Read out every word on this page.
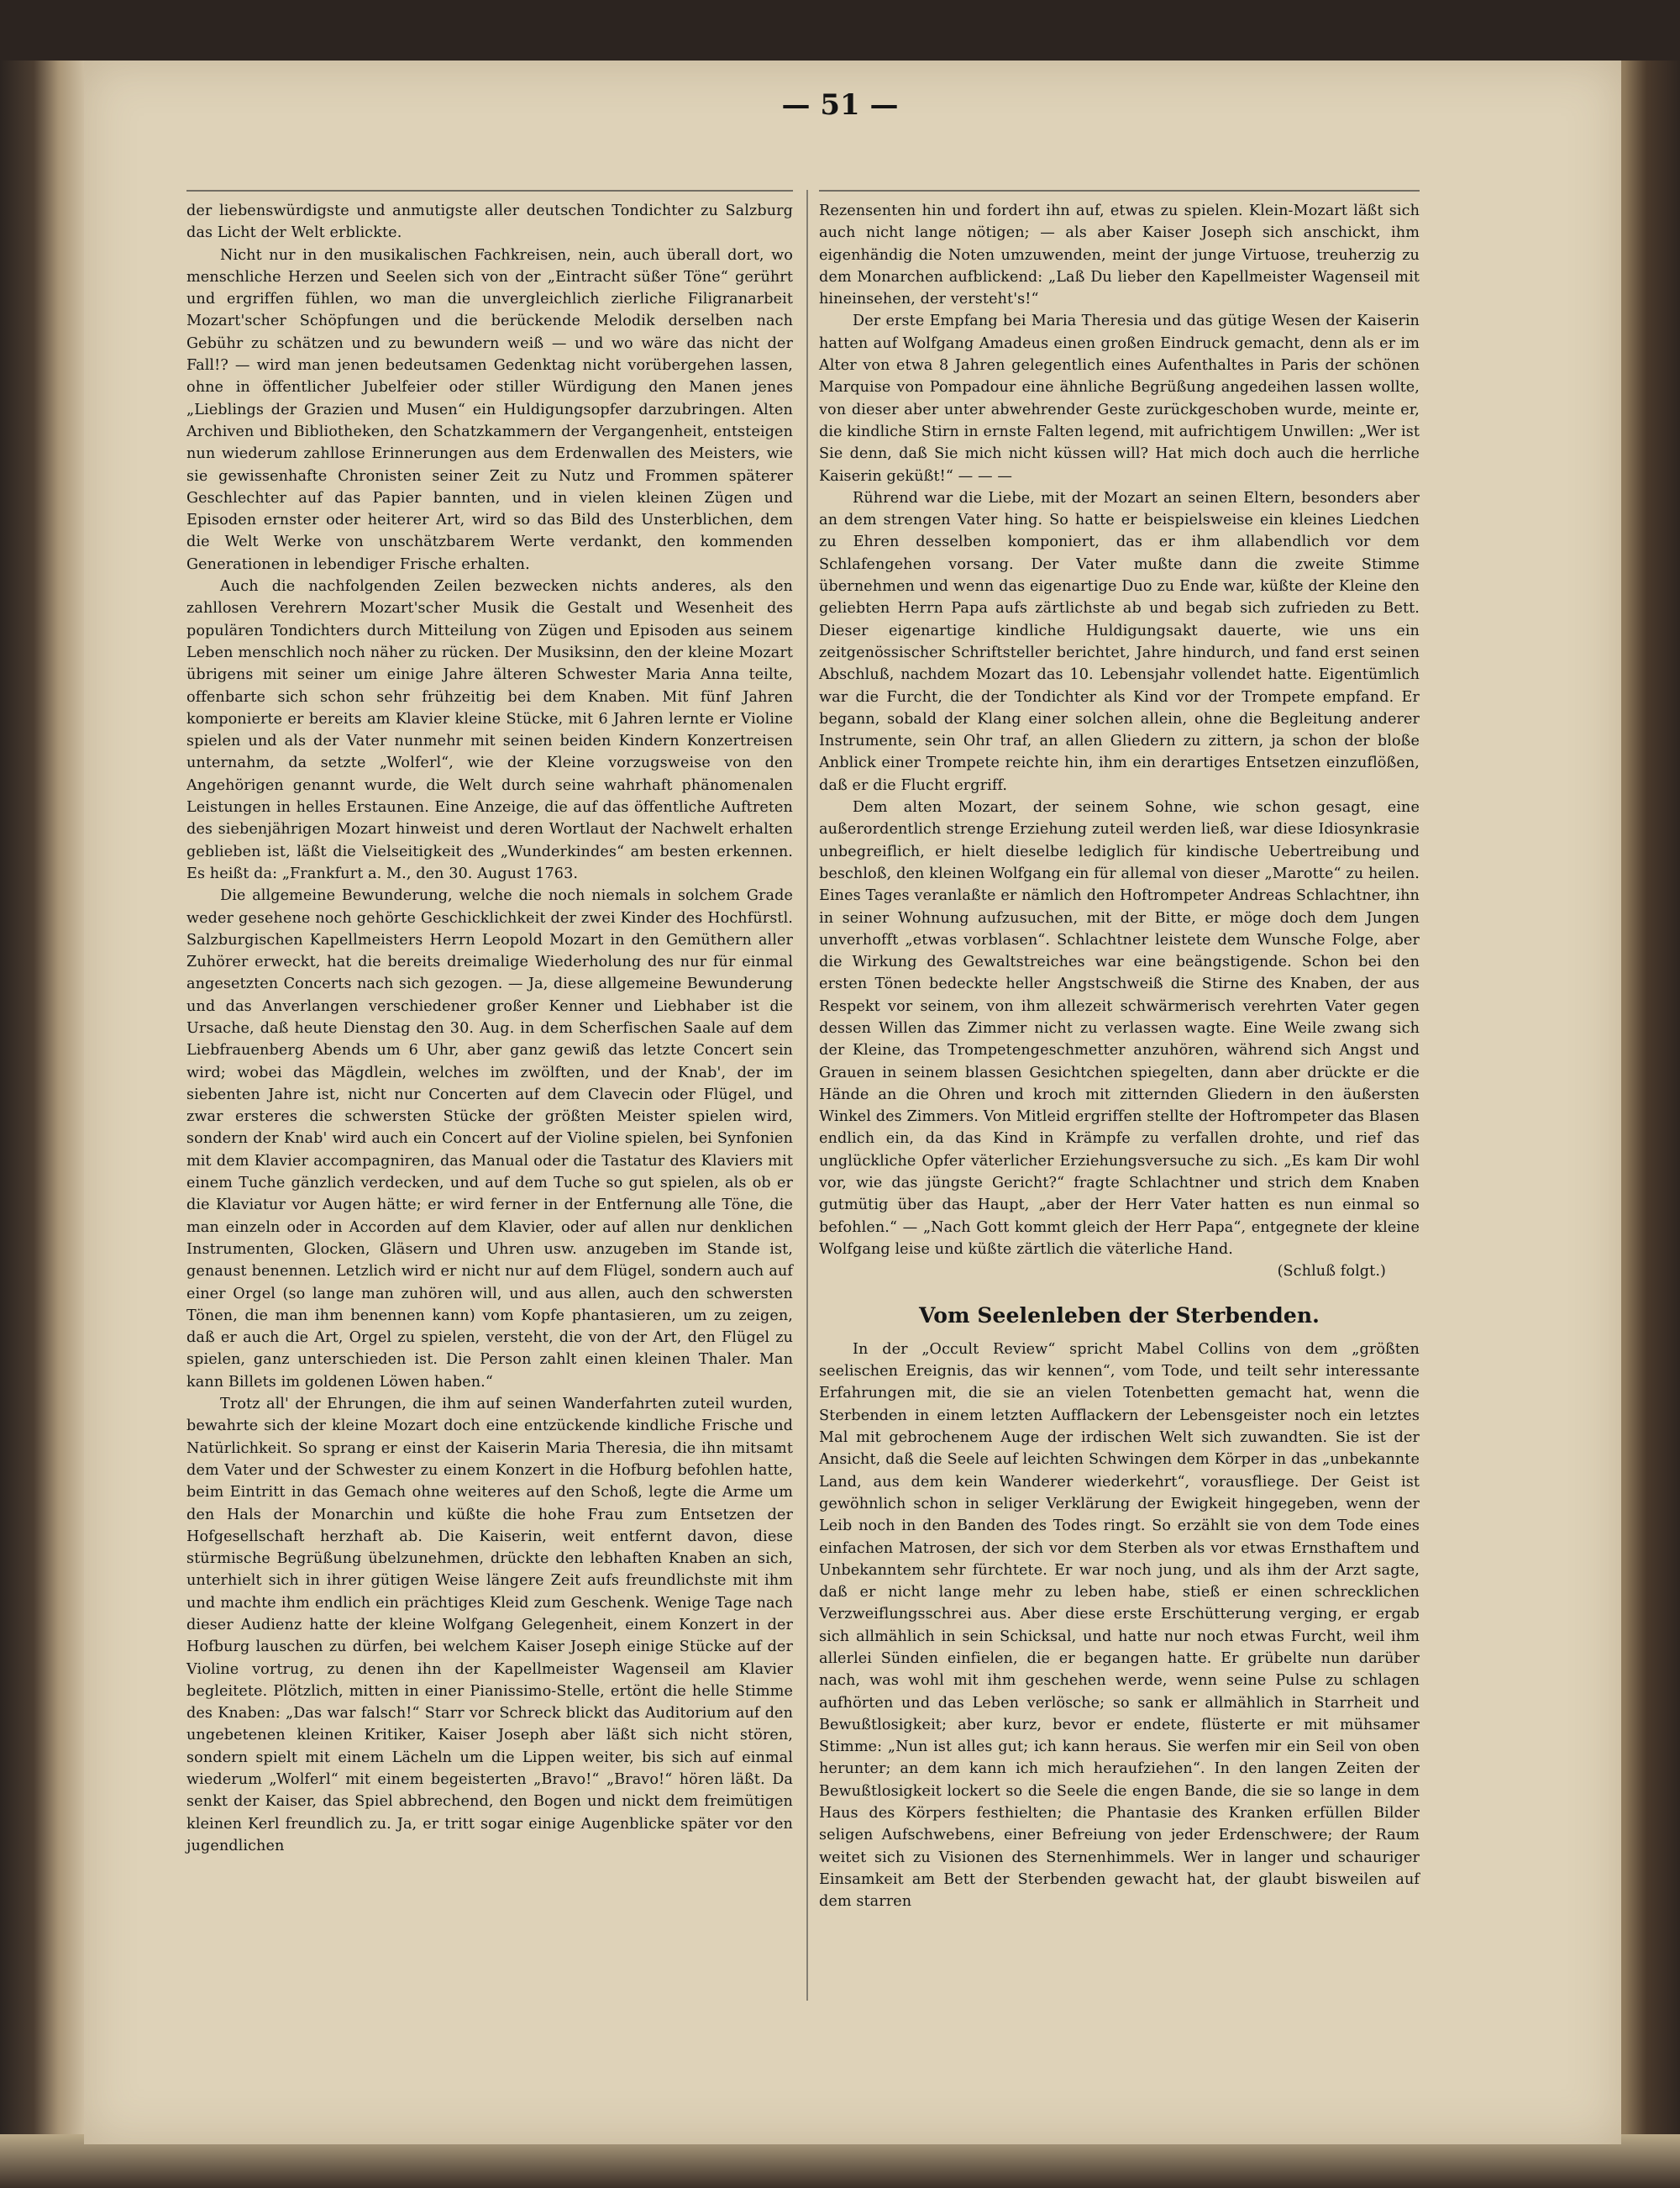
— 51 —

der liebenswürdigste und anmutigste aller deutschen Tondichter zu Salzburg das Licht der Welt erblickte.

Nicht nur in den musikalischen Fachkreisen, nein, auch überall dort, wo menschliche Herzen und Seelen sich von der „Eintracht süßer Töne“ gerührt und ergriffen fühlen, wo man die unvergleichlich zierliche Filigranarbeit Mozart'scher Schöpfungen und die berückende Melodik derselben nach Gebühr zu schätzen und zu bewundern weiß — und wo wäre das nicht der Fall!? — wird man jenen bedeutsamen Gedenktag nicht vorübergehen lassen, ohne in öffentlicher Jubelfeier oder stiller Würdigung den Manen jenes „Lieblings der Grazien und Musen“ ein Huldigungsopfer darzubringen. Alten Archiven und Bibliotheken, den Schatzkammern der Vergangenheit, entsteigen nun wiederum zahllose Erinnerungen aus dem Erdenwallen des Meisters, wie sie gewissenhafte Chronisten seiner Zeit zu Nutz und Frommen späterer Geschlechter auf das Papier bannten, und in vielen kleinen Zügen und Episoden ernster oder heiterer Art, wird so das Bild des Unsterblichen, dem die Welt Werke von unschätzbarem Werte verdankt, den kommenden Generationen in lebendiger Frische erhalten.

Auch die nachfolgenden Zeilen bezwecken nichts anderes, als den zahllosen Verehrern Mozart'scher Musik die Gestalt und Wesenheit des populären Tondichters durch Mitteilung von Zügen und Episoden aus seinem Leben menschlich noch näher zu rücken. Der Musiksinn, den der kleine Mozart übrigens mit seiner um einige Jahre älteren Schwester Maria Anna teilte, offenbarte sich schon sehr frühzeitig bei dem Knaben. Mit fünf Jahren komponierte er bereits am Klavier kleine Stücke, mit 6 Jahren lernte er Violine spielen und als der Vater nunmehr mit seinen beiden Kindern Konzertreisen unternahm, da setzte „Wolferl“, wie der Kleine vorzugsweise von den Angehörigen genannt wurde, die Welt durch seine wahrhaft phänomenalen Leistungen in helles Erstaunen. Eine Anzeige, die auf das öffentliche Auftreten des siebenjährigen Mozart hinweist und deren Wortlaut der Nachwelt erhalten geblieben ist, läßt die Vielseitigkeit des „Wunderkindes“ am besten erkennen. Es heißt da: „Frankfurt a. M., den 30. August 1763.

Die allgemeine Bewunderung, welche die noch niemals in solchem Grade weder gesehene noch gehörte Geschicklichkeit der zwei Kinder des Hochfürstl. Salzburgischen Kapellmeisters Herrn Leopold Mozart in den Gemüthern aller Zuhörer erweckt, hat die bereits dreimalige Wiederholung des nur für einmal angesetzten Concerts nach sich gezogen. — Ja, diese allgemeine Bewunderung und das Anverlangen verschiedener großer Kenner und Liebhaber ist die Ursache, daß heute Dienstag den 30. Aug. in dem Scherfischen Saale auf dem Liebfrauenberg Abends um 6 Uhr, aber ganz gewiß das letzte Concert sein wird; wobei das Mägdlein, welches im zwölften, und der Knab', der im siebenten Jahre ist, nicht nur Concerten auf dem Clavecin oder Flügel, und zwar ersteres die schwersten Stücke der größten Meister spielen wird, sondern der Knab' wird auch ein Concert auf der Violine spielen, bei Synfonien mit dem Klavier accompagniren, das Manual oder die Tastatur des Klaviers mit einem Tuche gänzlich verdecken, und auf dem Tuche so gut spielen, als ob er die Klaviatur vor Augen hätte; er wird ferner in der Entfernung alle Töne, die man einzeln oder in Accorden auf dem Klavier, oder auf allen nur denklichen Instrumenten, Glocken, Gläsern und Uhren usw. anzugeben im Stande ist, genaust benennen. Letzlich wird er nicht nur auf dem Flügel, sondern auch auf einer Orgel (so lange man zuhören will, und aus allen, auch den schwersten Tönen, die man ihm benennen kann) vom Kopfe phantasieren, um zu zeigen, daß er auch die Art, Orgel zu spielen, versteht, die von der Art, den Flügel zu spielen, ganz unterschieden ist. Die Person zahlt einen kleinen Thaler. Man kann Billets im goldenen Löwen haben.“

Trotz all' der Ehrungen, die ihm auf seinen Wanderfahrten zuteil wurden, bewahrte sich der kleine Mozart doch eine entzückende kindliche Frische und Natürlichkeit. So sprang er einst der Kaiserin Maria Theresia, die ihn mitsamt dem Vater und der Schwester zu einem Konzert in die Hofburg befohlen hatte, beim Eintritt in das Gemach ohne weiteres auf den Schoß, legte die Arme um den Hals der Monarchin und küßte die hohe Frau zum Entsetzen der Hofgesellschaft herzhaft ab. Die Kaiserin, weit entfernt davon, diese stürmische Begrüßung übelzunehmen, drückte den lebhaften Knaben an sich, unterhielt sich in ihrer gütigen Weise längere Zeit aufs freundlichste mit ihm und machte ihm endlich ein prächtiges Kleid zum Geschenk. Wenige Tage nach dieser Audienz hatte der kleine Wolfgang Gelegenheit, einem Konzert in der Hofburg lauschen zu dürfen, bei welchem Kaiser Joseph einige Stücke auf der Violine vortrug, zu denen ihn der Kapellmeister Wagenseil am Klavier begleitete. Plötzlich, mitten in einer Pianissimo-Stelle, ertönt die helle Stimme des Knaben: „Das war falsch!“ Starr vor Schreck blickt das Auditorium auf den ungebetenen kleinen Kritiker, Kaiser Joseph aber läßt sich nicht stören, sondern spielt mit einem Lächeln um die Lippen weiter, bis sich auf einmal wiederum „Wolferl“ mit einem begeisterten „Bravo!“ „Bravo!“ hören läßt. Da senkt der Kaiser, das Spiel abbrechend, den Bogen und nickt dem freimütigen kleinen Kerl freundlich zu. Ja, er tritt sogar einige Augenblicke später vor den jugendlichen

Rezensenten hin und fordert ihn auf, etwas zu spielen. Klein-Mozart läßt sich auch nicht lange nötigen; — als aber Kaiser Joseph sich anschickt, ihm eigenhändig die Noten umzuwenden, meint der junge Virtuose, treuherzig zu dem Monarchen aufblickend: „Laß Du lieber den Kapellmeister Wagenseil mit hineinsehen, der versteht's!“

Der erste Empfang bei Maria Theresia und das gütige Wesen der Kaiserin hatten auf Wolfgang Amadeus einen großen Eindruck gemacht, denn als er im Alter von etwa 8 Jahren gelegentlich eines Aufenthaltes in Paris der schönen Marquise von Pompadour eine ähnliche Begrüßung angedeihen lassen wollte, von dieser aber unter abwehrender Geste zurückgeschoben wurde, meinte er, die kindliche Stirn in ernste Falten legend, mit aufrichtigem Unwillen: „Wer ist Sie denn, daß Sie mich nicht küssen will? Hat mich doch auch die herrliche Kaiserin geküßt!“ — — —

Rührend war die Liebe, mit der Mozart an seinen Eltern, besonders aber an dem strengen Vater hing. So hatte er beispielsweise ein kleines Liedchen zu Ehren desselben komponiert, das er ihm allabendlich vor dem Schlafengehen vorsang. Der Vater mußte dann die zweite Stimme übernehmen und wenn das eigenartige Duo zu Ende war, küßte der Kleine den geliebten Herrn Papa aufs zärtlichste ab und begab sich zufrieden zu Bett. Dieser eigenartige kindliche Huldigungsakt dauerte, wie uns ein zeitgenössischer Schriftsteller berichtet, Jahre hindurch, und fand erst seinen Abschluß, nachdem Mozart das 10. Lebensjahr vollendet hatte. Eigentümlich war die Furcht, die der Tondichter als Kind vor der Trompete empfand. Er begann, sobald der Klang einer solchen allein, ohne die Begleitung anderer Instrumente, sein Ohr traf, an allen Gliedern zu zittern, ja schon der bloße Anblick einer Trompete reichte hin, ihm ein derartiges Entsetzen einzuflößen, daß er die Flucht ergriff.

Dem alten Mozart, der seinem Sohne, wie schon gesagt, eine außerordentlich strenge Erziehung zuteil werden ließ, war diese Idiosynkrasie unbegreiflich, er hielt dieselbe lediglich für kindische Uebertreibung und beschloß, den kleinen Wolfgang ein für allemal von dieser „Marotte“ zu heilen. Eines Tages veranlaßte er nämlich den Hoftrompeter Andreas Schlachtner, ihn in seiner Wohnung aufzusuchen, mit der Bitte, er möge doch dem Jungen unverhofft „etwas vorblasen“. Schlachtner leistete dem Wunsche Folge, aber die Wirkung des Gewaltstreiches war eine beängstigende. Schon bei den ersten Tönen bedeckte heller Angstschweiß die Stirne des Knaben, der aus Respekt vor seinem, von ihm allezeit schwärmerisch verehrten Vater gegen dessen Willen das Zimmer nicht zu verlassen wagte. Eine Weile zwang sich der Kleine, das Trompetengeschmetter anzuhören, während sich Angst und Grauen in seinem blassen Gesichtchen spiegelten, dann aber drückte er die Hände an die Ohren und kroch mit zitternden Gliedern in den äußersten Winkel des Zimmers. Von Mitleid ergriffen stellte der Hoftrompeter das Blasen endlich ein, da das Kind in Krämpfe zu verfallen drohte, und rief das unglückliche Opfer väterlicher Erziehungsversuche zu sich. „Es kam Dir wohl vor, wie das jüngste Gericht?“ fragte Schlachtner und strich dem Knaben gutmütig über das Haupt, „aber der Herr Vater hatten es nun einmal so befohlen.“ — „Nach Gott kommt gleich der Herr Papa“, entgegnete der kleine Wolfgang leise und küßte zärtlich die väterliche Hand.

(Schluß folgt.)

Vom Seelenleben der Sterbenden.

In der „Occult Review“ spricht Mabel Collins von dem „größten seelischen Ereignis, das wir kennen“, vom Tode, und teilt sehr interessante Erfahrungen mit, die sie an vielen Totenbetten gemacht hat, wenn die Sterbenden in einem letzten Aufflackern der Lebensgeister noch ein letztes Mal mit gebrochenem Auge der irdischen Welt sich zuwandten. Sie ist der Ansicht, daß die Seele auf leichten Schwingen dem Körper in das „unbekannte Land, aus dem kein Wanderer wiederkehrt“, vorausfliege. Der Geist ist gewöhnlich schon in seliger Verklärung der Ewigkeit hingegeben, wenn der Leib noch in den Banden des Todes ringt. So erzählt sie von dem Tode eines einfachen Matrosen, der sich vor dem Sterben als vor etwas Ernsthaftem und Unbekanntem sehr fürchtete. Er war noch jung, und als ihm der Arzt sagte, daß er nicht lange mehr zu leben habe, stieß er einen schrecklichen Verzweiflungsschrei aus. Aber diese erste Erschütterung verging, er ergab sich allmählich in sein Schicksal, und hatte nur noch etwas Furcht, weil ihm allerlei Sünden einfielen, die er begangen hatte. Er grübelte nun darüber nach, was wohl mit ihm geschehen werde, wenn seine Pulse zu schlagen aufhörten und das Leben verlösche; so sank er allmählich in Starrheit und Bewußtlosigkeit; aber kurz, bevor er endete, flüsterte er mit mühsamer Stimme: „Nun ist alles gut; ich kann heraus. Sie werfen mir ein Seil von oben herunter; an dem kann ich mich heraufziehen“. In den langen Zeiten der Bewußtlosigkeit lockert so die Seele die engen Bande, die sie so lange in dem Haus des Körpers festhielten; die Phantasie des Kranken erfüllen Bilder seligen Aufschwebens, einer Befreiung von jeder Erdenschwere; der Raum weitet sich zu Visionen des Sternenhimmels. Wer in langer und schauriger Einsamkeit am Bett der Sterbenden gewacht hat, der glaubt bisweilen auf dem starren
